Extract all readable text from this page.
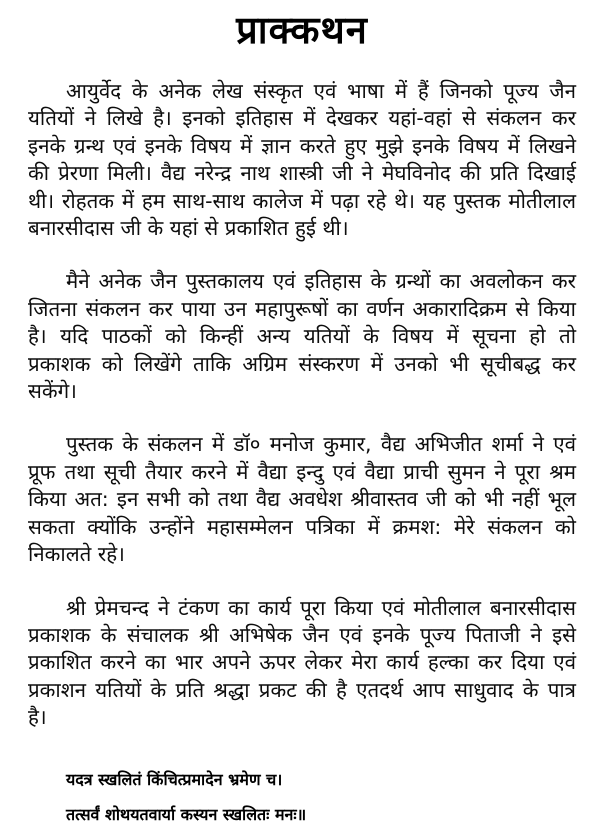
प्राक्कथन
आयुर्वेद के अनेक लेख संस्कृत एवं भाषा में हैं जिनको पूज्य जैन
यतियों ने लिखे है। इनको इतिहास में देखकर यहां-वहां से संकलन कर
इनके ग्रन्थ एवं इनके विषय में ज्ञान करते हुए मुझे इनके विषय में लिखने
की प्रेरणा मिली। वैद्य नरेन्द्र नाथ शास्त्री जी ने मेघविनोद की प्रति दिखाई
थी। रोहतक में हम साथ-साथ कालेज में पढ़ा रहे थे। यह पुस्तक मोतीलाल
बनारसीदास जी के यहां से प्रकाशित हुई थी।
मैने अनेक जैन पुस्तकालय एवं इतिहास के ग्रन्थों का अवलोकन कर
जितना संकलन कर पाया उन महापुरूषों का वर्णन अकारादिक्रम से किया
है। यदि पाठकों को किन्हीं अन्य यतियों के विषय में सूचना हो तो
प्रकाशक को लिखेंगे ताकि अग्रिम संस्करण में उनको भी सूचीबद्ध कर
सकेंगे।
पुस्तक के संकलन में डॉ० मनोज कुमार, वैद्य अभिजीत शर्मा ने एवं
प्रूफ तथा सूची तैयार करने में वैद्या इन्दु एवं वैद्या प्राची सुमन ने पूरा श्रम
किया अत: इन सभी को तथा वैद्य अवधेश श्रीवास्तव जी को भी नहीं भूल
सकता क्योंकि उन्होंने महासम्मेलन पत्रिका में क्रमश: मेरे संकलन को
निकालते रहे।
श्री प्रेमचन्द ने टंकण का कार्य पूरा किया एवं मोतीलाल बनारसीदास
प्रकाशक के संचालक श्री अभिषेक जैन एवं इनके पूज्य पिताजी ने इसे
प्रकाशित करने का भार अपने ऊपर लेकर मेरा कार्य हल्का कर दिया एवं
प्रकाशन यतियों के प्रति श्रद्धा प्रकट की है एतदर्थ आप साधुवाद के पात्र
है।
यदत्र स्खलितं किंचित्प्रमादेन भ्रमेण च।
तत्सर्वं शोथयतवार्या कस्यन स्खलितः मनः॥
